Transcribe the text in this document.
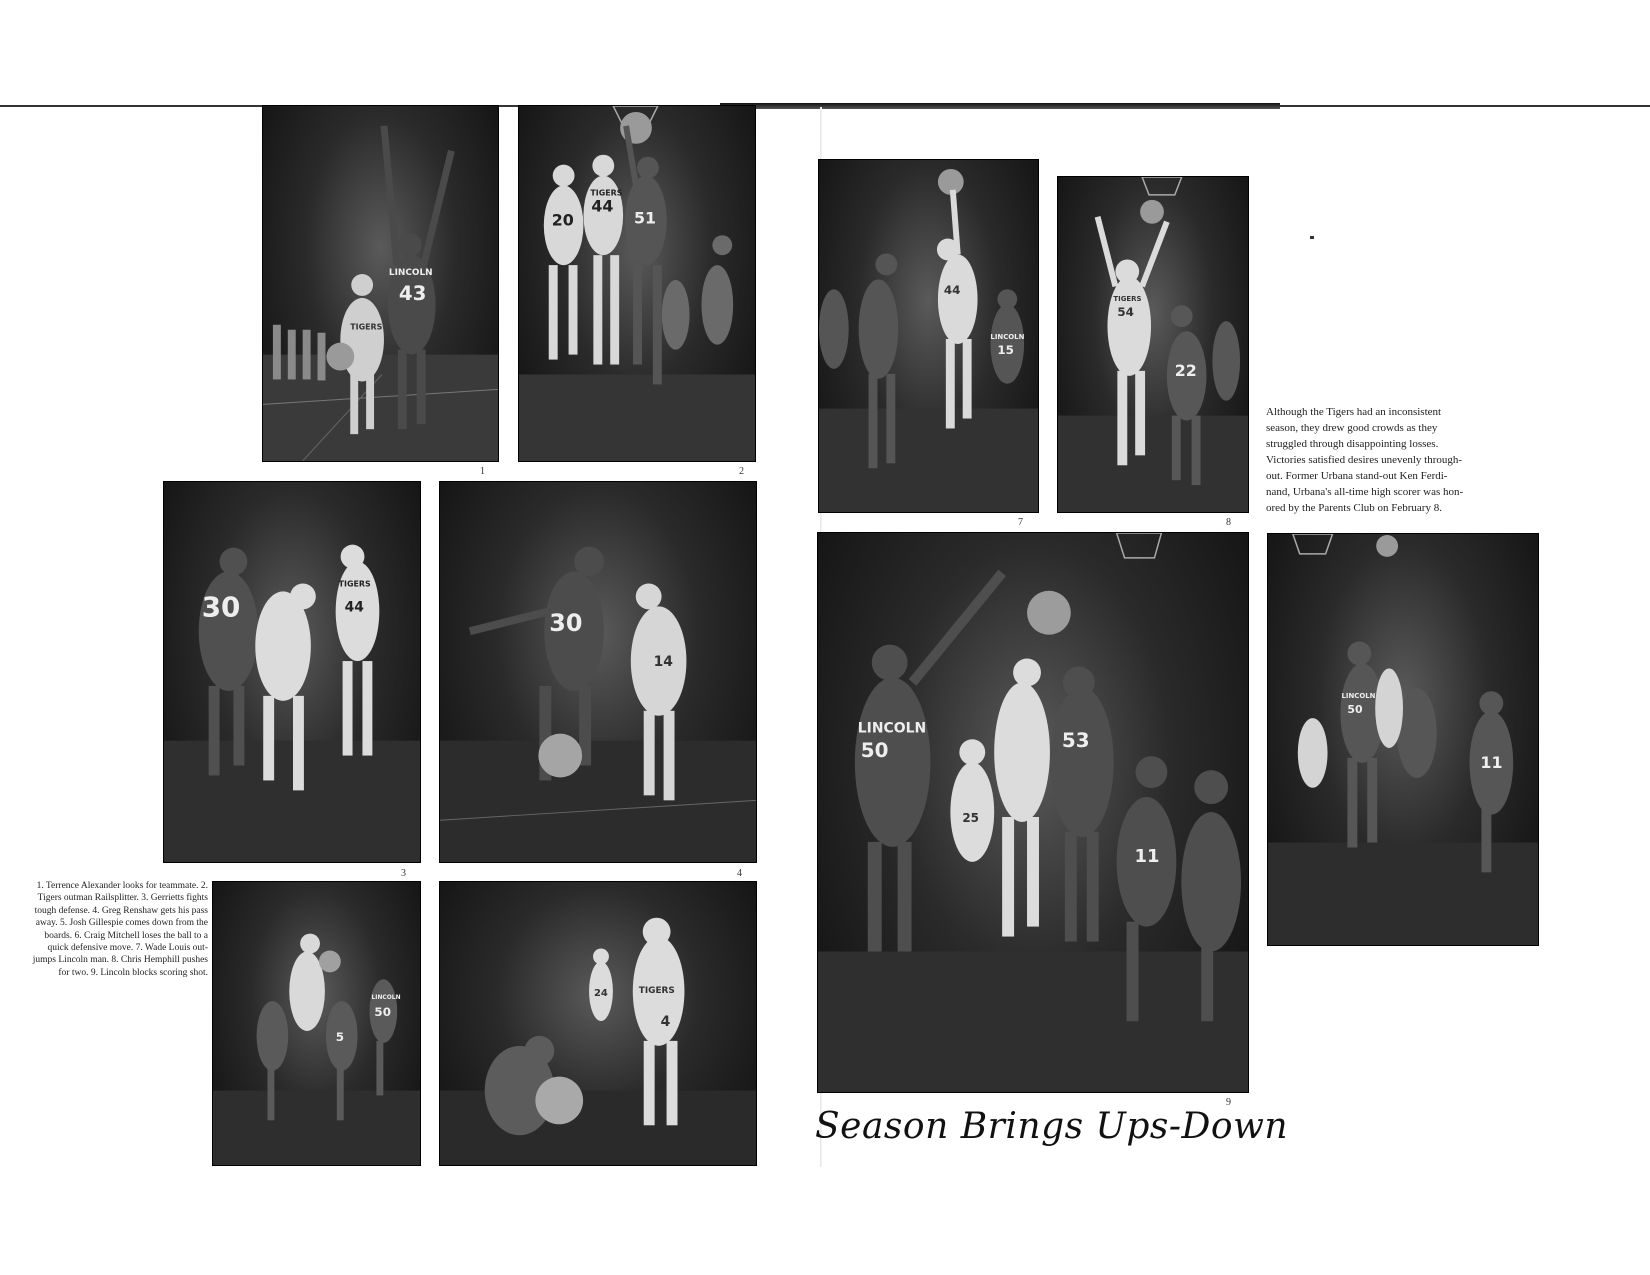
43
LINCOLN
TIGERS
1
20
44
51
TIGERS
2
30	44
TIGERS
3
30
14
4
5
50
LINCOLN	24
4
TIGERS
44
15
LINCOLN
7
54
22
TIGERS
8
50	53
11
25
LINCOLN
9
50
11
LINCOLN
1. Terrence Alexander looks for teammate. 2.
Tigers outman Railsplitter. 3. Gerrietts fights
tough defense. 4. Greg Renshaw gets his pass
away. 5. Josh Gillespie comes down from the
boards. 6. Craig Mitchell loses the ball to a
quick defensive move. 7. Wade Louis out-
jumps Lincoln man. 8. Chris Hemphill pushes
for two. 9. Lincoln blocks scoring shot.
Although the Tigers had an inconsistent
season, they drew good crowds as they
struggled through disappointing losses.
Victories satisfied desires unevenly through-
out. Former Urbana stand-out Ken Ferdi-
nand, Urbana's all-time high scorer was hon-
ored by the Parents Club on February 8.
Season Brings Ups-Down
